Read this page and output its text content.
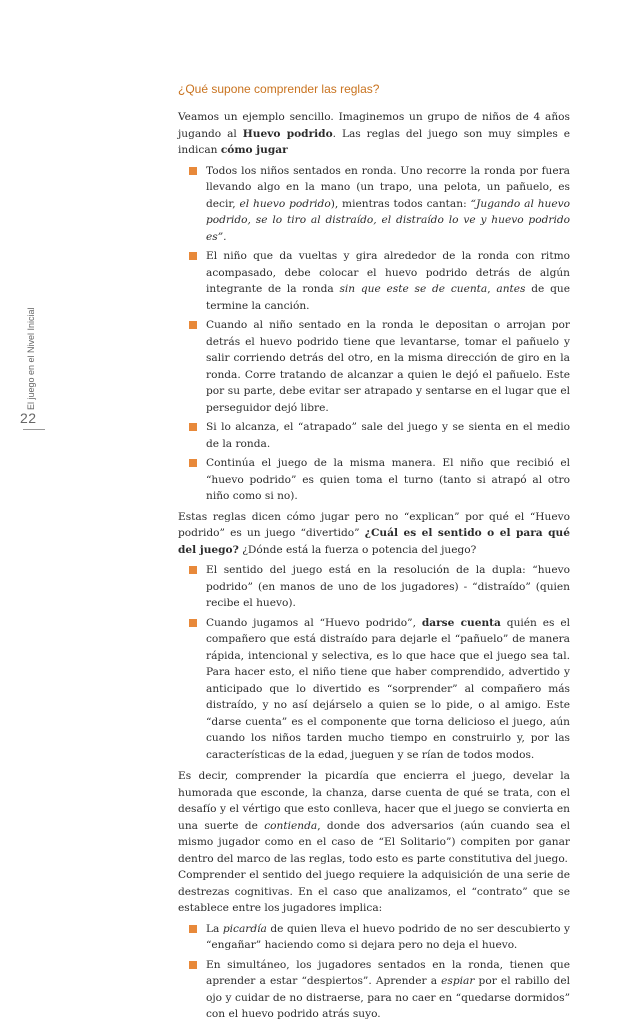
El juego en el Nivel Inicial
22
¿Qué supone comprender las reglas?

Veamos un ejemplo sencillo. Imaginemos un grupo de niños de 4 años jugando al Huevo podrido. Las reglas del juego son muy simples e indican cómo jugar

Todos los niños sentados en ronda. Uno recorre la ronda por fuera llevando algo en la mano (un trapo, una pelota, un pañuelo, es decir, el huevo podrido), mientras todos cantan: “Jugando al huevo podrido, se lo tiro al distraído, el distraído lo ve y huevo podrido es”.
El niño que da vueltas y gira alrededor de la ronda con ritmo acompasado, debe colocar el huevo podrido detrás de algún integrante de la ronda sin que este se de cuenta, antes de que termine la canción.
Cuando al niño sentado en la ronda le depositan o arrojan por detrás el huevo podrido tiene que levantarse, tomar el pañuelo y salir corriendo detrás del otro, en la misma dirección de giro en la ronda. Corre tratando de alcanzar a quien le dejó el pañuelo. Este por su parte, debe evitar ser atrapado y sentarse en el lugar que el perseguidor dejó libre.
Si lo alcanza, el “atrapado” sale del juego y se sienta en el medio de la ronda.
Continúa el juego de la misma manera. El niño que recibió el “huevo podrido” es quien toma el turno (tanto si atrapó al otro niño como si no).

Estas reglas dicen cómo jugar pero no “explican” por qué el “Huevo podrido” es un juego “divertido” ¿Cuál es el sentido o el para qué del juego? ¿Dónde está la fuerza o potencia del juego?

El sentido del juego está en la resolución de la dupla: “huevo podrido” (en manos de uno de los jugadores) - “distraído” (quien recibe el huevo).
Cuando jugamos al “Huevo podrido”, darse cuenta quién es el compañero que está distraído para dejarle el “pañuelo” de manera rápida, intencional y selectiva, es lo que hace que el juego sea tal. Para hacer esto, el niño tiene que haber comprendido, advertido y anticipado que lo divertido es “sorprender” al compañero más distraído, y no así dejárselo a quien se lo pide, o al amigo. Este “darse cuenta” es el componente que torna delicioso el juego, aún cuando los niños tarden mucho tiempo en construirlo y, por las características de la edad, jueguen y se rían de todos modos.

Es decir, comprender la picardía que encierra el juego, develar la humorada que esconde, la chanza, darse cuenta de qué se trata, con el desafío y el vértigo que esto conlleva, hacer que el juego se convierta en una suerte de contienda, donde dos adversarios (aún cuando sea el mismo jugador como en el caso de “El Solitario”) compiten por ganar dentro del marco de las reglas, todo esto es parte constitutiva del juego.

Comprender el sentido del juego requiere la adquisición de una serie de destrezas cognitivas. En el caso que analizamos, el “contrato” que se establece entre los jugadores implica:

La picardía de quien lleva el huevo podrido de no ser descubierto y “engañar” haciendo como si dejara pero no deja el huevo.
En simultáneo, los jugadores sentados en la ronda, tienen que aprender a estar “despiertos”. Aprender a espiar por el rabillo del ojo y cuidar de no distraerse, para no caer en “quedarse dormidos” con el huevo podrido atrás suyo.
